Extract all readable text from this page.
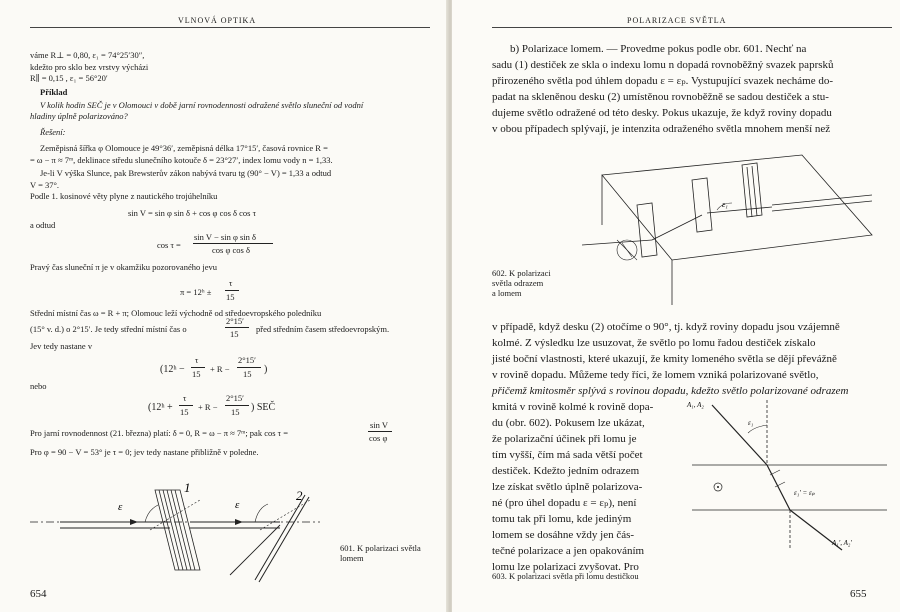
VLNOVÁ OPTIKA
váme R⊥ = 0,80, ε₁ = 74°25′30″,
kdežto pro sklo bez vrstvy výcházi
R∥ = 0,15 , ε₁ = 56°20′
Příklad
V kolik hodin SEČ je v Olomouci v době jarní rovnodennosti odražené světlo sluneční od vodní
hladiny úplně polarizováno?
Řešení:
Zeměpisná šířka φ Olomouce je 49°36′, zeměpisná délka 17°15′, časová rovnice R =
= ω − π ≈ 7ᵐ, deklinace středu slunečního kotouče δ = 23°27′, index lomu vody n = 1,33.
Je-li V výška Slunce, pak Brewsterův zákon nabývá tvaru tg (90° − V) = 1,33 a odtud
V = 37°.
Podle 1. kosinové věty plyne z nautického trojúhelníku
sin V = sin φ sin δ + cos φ cos δ cos τ
a odtud
cos τ =
sin V − sin φ sin δ
cos φ cos δ
Pravý čas sluneční π je v okamžiku pozorovaného jevu
π = 12ʰ ±
τ
15
Střední místní čas ω = R + π; Olomouc leží východně od středoevropského poledníku
(15° v. d.) o 2°15′. Je tedy střední místní čas o
2°15′
15 před středním časem středoevropským.
Jev tedy nastane v
(12ʰ −
τ
15 + R −
2°15′
15 )
nebo
(12ʰ +
τ
15 + R −
2°15′
15 ) SEČ
Pro jarní rovnodennost (21. března) platí: δ = 0, R = ω − π ≈ 7ᵐ; pak cos τ =
sin V
cos φ
Pro φ = 90 − V = 53° je τ = 0; jev tedy nastane přibližně v poledne.
1
2
ε	ε
601. K polarizaci světla lomem
654
POLARIZACE SVĚTLA
b) Polarizace lomem. — Provedme pokus podle obr. 601. Nechť na
sadu (1) destiček ze skla o indexu lomu n dopadá rovnoběžný svazek paprsků
přirozeného světla pod úhlem dopadu ε = εₚ. Vystupující svazek necháme do-
padat na skleněnou desku (2) umístěnou rovnoběžně se sadou destiček a stu-
dujeme světlo odražené od této desky. Pokus ukazuje, že když roviny dopadu
v obou případech splývají, je intenzita odraženého světla mnohem menší než
ε₁
602. K polarizaci
světla odrazem
a lomem
v případě, když desku (2) otočíme o 90°, tj. když roviny dopadu jsou vzájemně
kolmé. Z výsledku lze usuzovat, že světlo po lomu řadou destiček získalo
jisté boční vlastnosti, které ukazují, že kmity lomeného světla se dějí převážně
v rovině dopadu. Můžeme tedy říci, že lomem vzniká polarizované světlo,
přičemž kmitosměr splývá s rovinou dopadu, kdežto světlo polarizované odrazem
kmitá v rovině kolmé k rovině dopa-
du (obr. 602). Pokusem lze ukázat,
že polarizační účinek při lomu je
tím vyšší, čím má sada větší počet
destiček. Kdežto jedním odrazem
lze získat světlo úplně polarizova-
né (pro úhel dopadu ε = εₚ), není
tomu tak při lomu, kde jediným
lomem se dosáhne vždy jen čás-
tečné polarizace a jen opakováním
lomu lze polarizaci zvyšovat. Pro
A₁, A₂
ε₁
ε₁′ = εₚ
A₁′, A₂′
603. K polarizaci světla při lomu destičkou
655
